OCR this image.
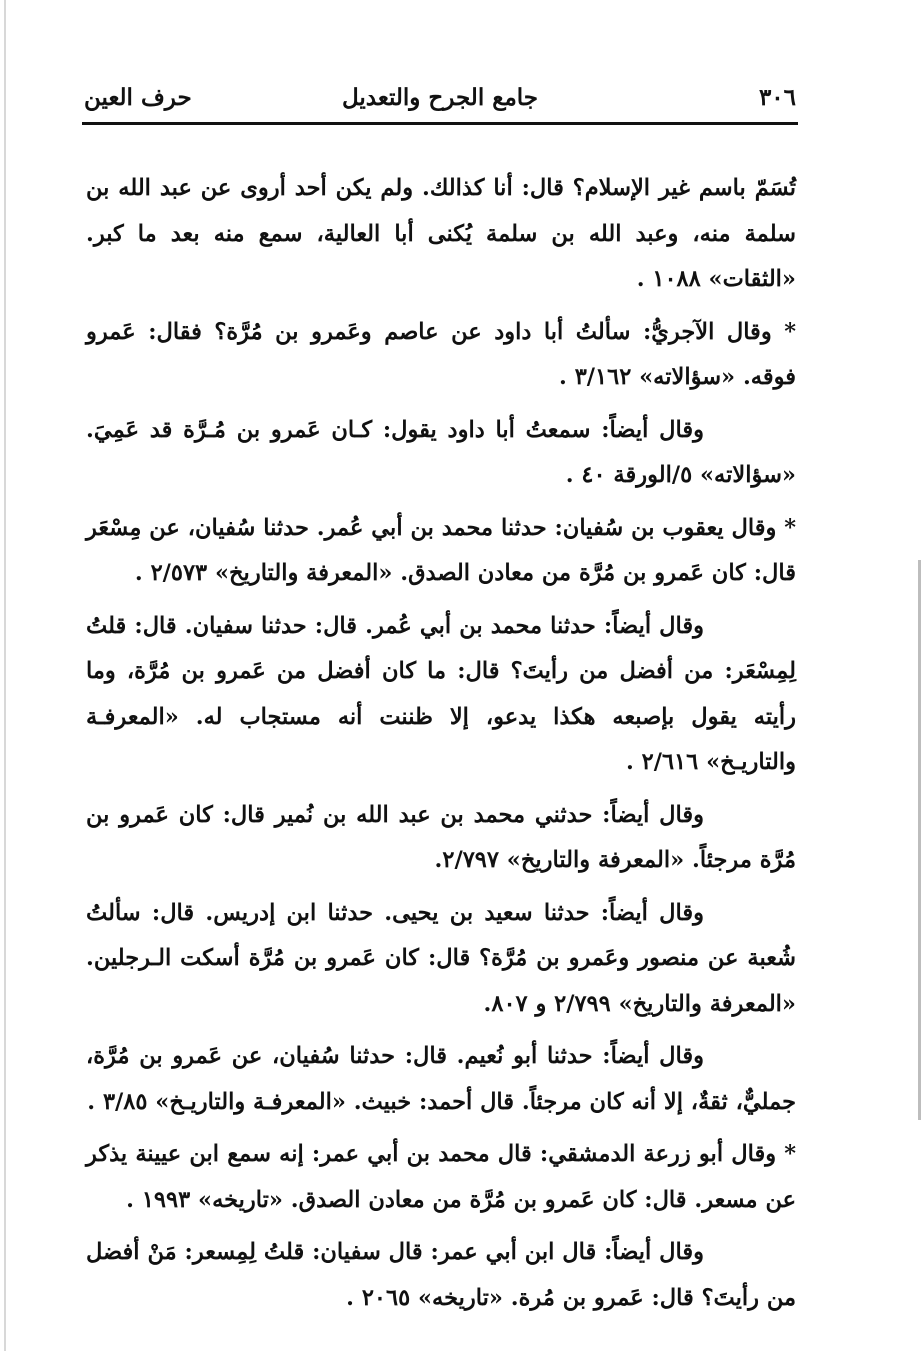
٣٠٦
جامع الجرح والتعديل
حرف العين

تُسَمّ باسم غير الإسلام؟ قال: أنا كذالك. ولم يكن أحد أروى عن عبد الله بن سلمة منه، وعبد الله بن سلمة يُكنى أبا العالية، سمع منه بعد ما كبر. «الثقات» ١٠٨٨ .

* وقال الآجريُّ: سألتُ أبا داود عن عاصم وعَمرو بن مُرَّة؟ فقال: عَمرو فوقه. «سؤالاته» ٣/١٦٢ .

وقال أيضاً: سمعتُ أبا داود يقول: كـان عَمرو بن مُـرَّة قد عَمِيَ. «سؤالاته» ٥/الورقة ٤٠ .

* وقال يعقوب بن سُفيان: حدثنا محمد بن أبي عُمر. حدثنا سُفيان، عن مِسْعَر قال: كان عَمرو بن مُرَّة من معادن الصدق. «المعرفة والتاريخ» ٢/٥٧٣ .

وقال أيضاً: حدثنا محمد بن أبي عُمر. قال: حدثنا سفيان. قال: قلتُ لِمِسْعَر: من أفضل من رأيتَ؟ قال: ما كان أفضل من عَمرو بن مُرَّة، وما رأيته يقول بإصبعه هكذا يدعو، إلا ظننت أنه مستجاب له. «المعرفـة والتاريـخ» ٢/٦١٦ .

وقال أيضاً: حدثني محمد بن عبد الله بن نُمير قال: كان عَمرو بن مُرَّة مرجئاً. «المعرفة والتاريخ» ٢/٧٩٧.

وقال أيضاً: حدثنا سعيد بن يحيى. حدثنا ابن إدريس. قال: سألتُ شُعبة عن منصور وعَمرو بن مُرَّة؟ قال: كان عَمرو بن مُرَّة أسكت الـرجلين. «المعرفة والتاريخ» ٢/٧٩٩ و ٨٠٧.

وقال أيضاً: حدثنا أبو نُعيم. قال: حدثنا سُفيان، عن عَمرو بن مُرَّة، جمليٌّ، ثقةٌ، إلا أنه كان مرجئاً. قال أحمد: خبيث. «المعرفـة والتاريـخ» ٣/٨٥ .

* وقال أبو زرعة الدمشقي: قال محمد بن أبي عمر: إنه سمع ابن عيينة يذكر عن مسعر. قال: كان عَمرو بن مُرَّة من معادن الصدق. «تاريخه» ١٩٩٣ .

وقال أيضاً: قال ابن أبي عمر: قال سفيان: قلتُ لِمِسعر: مَنْ أفضل من رأيتَ؟ قال: عَمرو بن مُرة. «تاريخه» ٢٠٦٥ .
